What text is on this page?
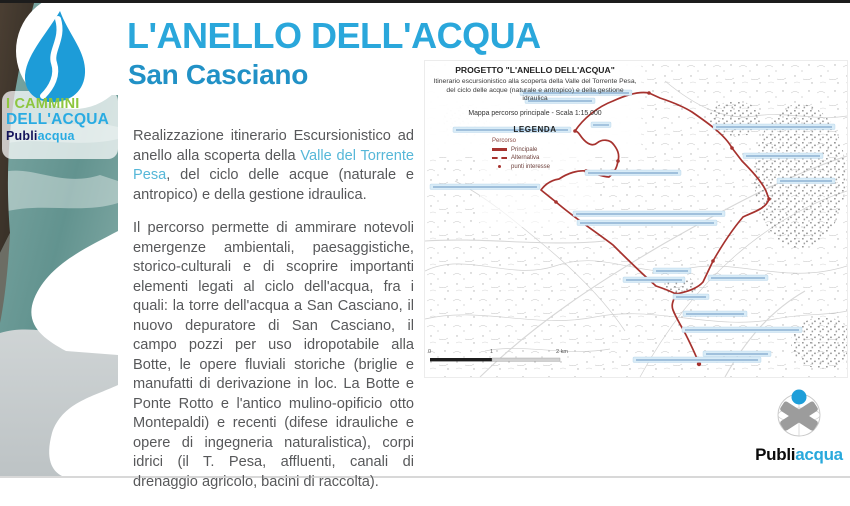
I CAMMINI
DELL'ACQUA
Publiacqua
L'ANELLO DELL'ACQUA
San Casciano

Realizzazione itinerario Escursionistico ad anello alla scoperta della Valle del Torrente Pesa, del ciclo delle acque (naturale e antropico) e della gestione idraulica.

Il percorso permette di ammirare notevoli emergenze ambientali, paesaggistiche, storico-culturali e di scoprire importanti elementi legati al ciclo dell'acqua, fra i quali: la torre dell'acqua a San Casciano, il nuovo depuratore di San Casciano, il campo pozzi per uso idropotabile alla Botte, le opere fluviali storiche (briglie e manufatti di derivazione in loc. La Botte e Ponte Rotto e l'antico mulino-opificio otto Montepaldi) e recenti (difese idrauliche e opere di ingegneria naturalistica), corpi idrici (il T. Pesa, affluenti, canali di drenaggio agricolo, bacini di raccolta).

PROGETTO "L'ANELLO DELL'ACQUA"
Itinerario escursionistico alla scoperta della Valle del Torrente Pesa, del ciclo delle acque (naturale e antropico) e della gestione idraulica
Mappa percorso principale - Scala 1:15.000
LEGENDA
Percorso
Principale
Alternativa
punti interesse
0	1	2 km
Publiacqua
